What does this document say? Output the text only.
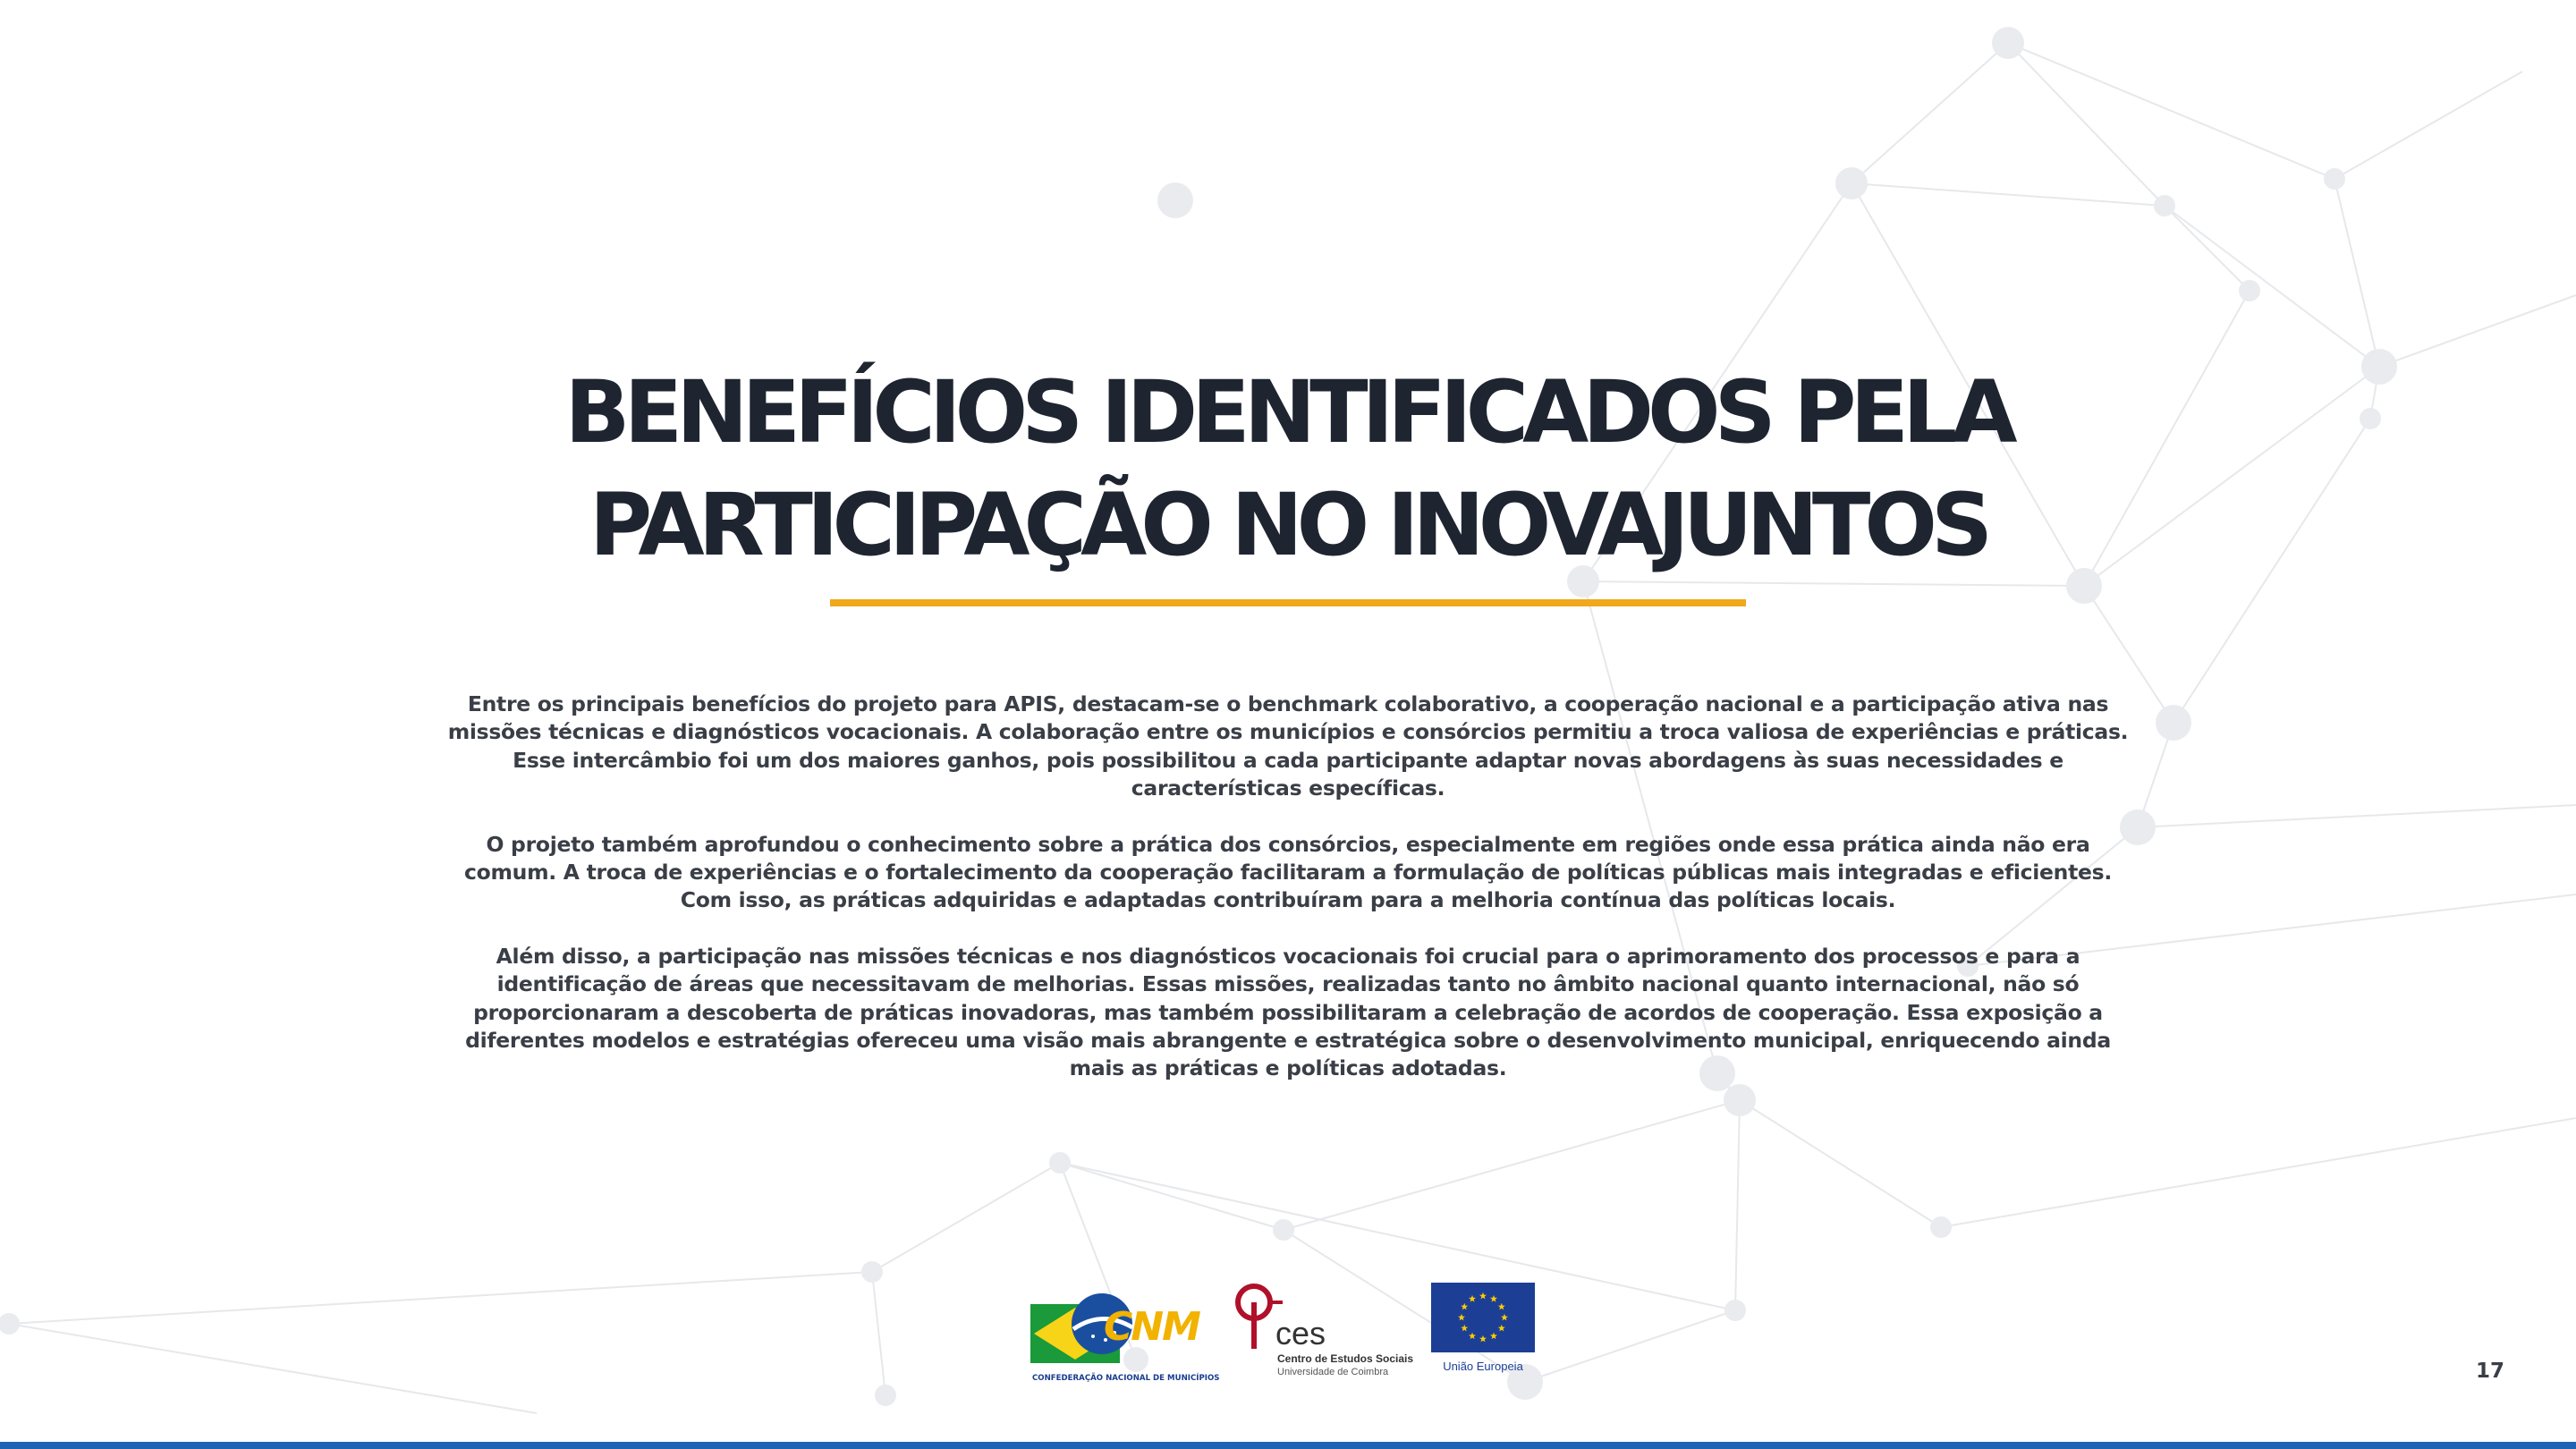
BENEFÍCIOS IDENTIFICADOS PELA
PARTICIPAÇÃO NO INOVAJUNTOS

Entre os principais benefícios do projeto para APIS, destacam-se o benchmark colaborativo, a cooperação nacional e a participação ativa nas missões técnicas e diagnósticos vocacionais. A colaboração entre os municípios e consórcios permitiu a troca valiosa de experiências e práticas. Esse intercâmbio foi um dos maiores ganhos, pois possibilitou a cada participante adaptar novas abordagens às suas necessidades e características específicas.

O projeto também aprofundou o conhecimento sobre a prática dos consórcios, especialmente em regiões onde essa prática ainda não era comum. A troca de experiências e o fortalecimento da cooperação facilitaram a formulação de políticas públicas mais integradas e eficientes. Com isso, as práticas adquiridas e adaptadas contribuíram para a melhoria contínua das políticas locais.

Além disso, a participação nas missões técnicas e nos diagnósticos vocacionais foi crucial para o aprimoramento dos processos e para a identificação de áreas que necessitavam de melhorias. Essas missões, realizadas tanto no âmbito nacional quanto internacional, não só proporcionaram a descoberta de práticas inovadoras, mas também possibilitaram a celebração de acordos de cooperação. Essa exposição a diferentes modelos e estratégias ofereceu uma visão mais abrangente e estratégica sobre o desenvolvimento municipal, enriquecendo ainda mais as práticas e políticas adotadas.

CNM
CONFEDERAÇÃO NACIONAL DE MUNICÍPIOS
ces
Centro de Estudos Sociais
Universidade de Coimbra	União Europeia	17
